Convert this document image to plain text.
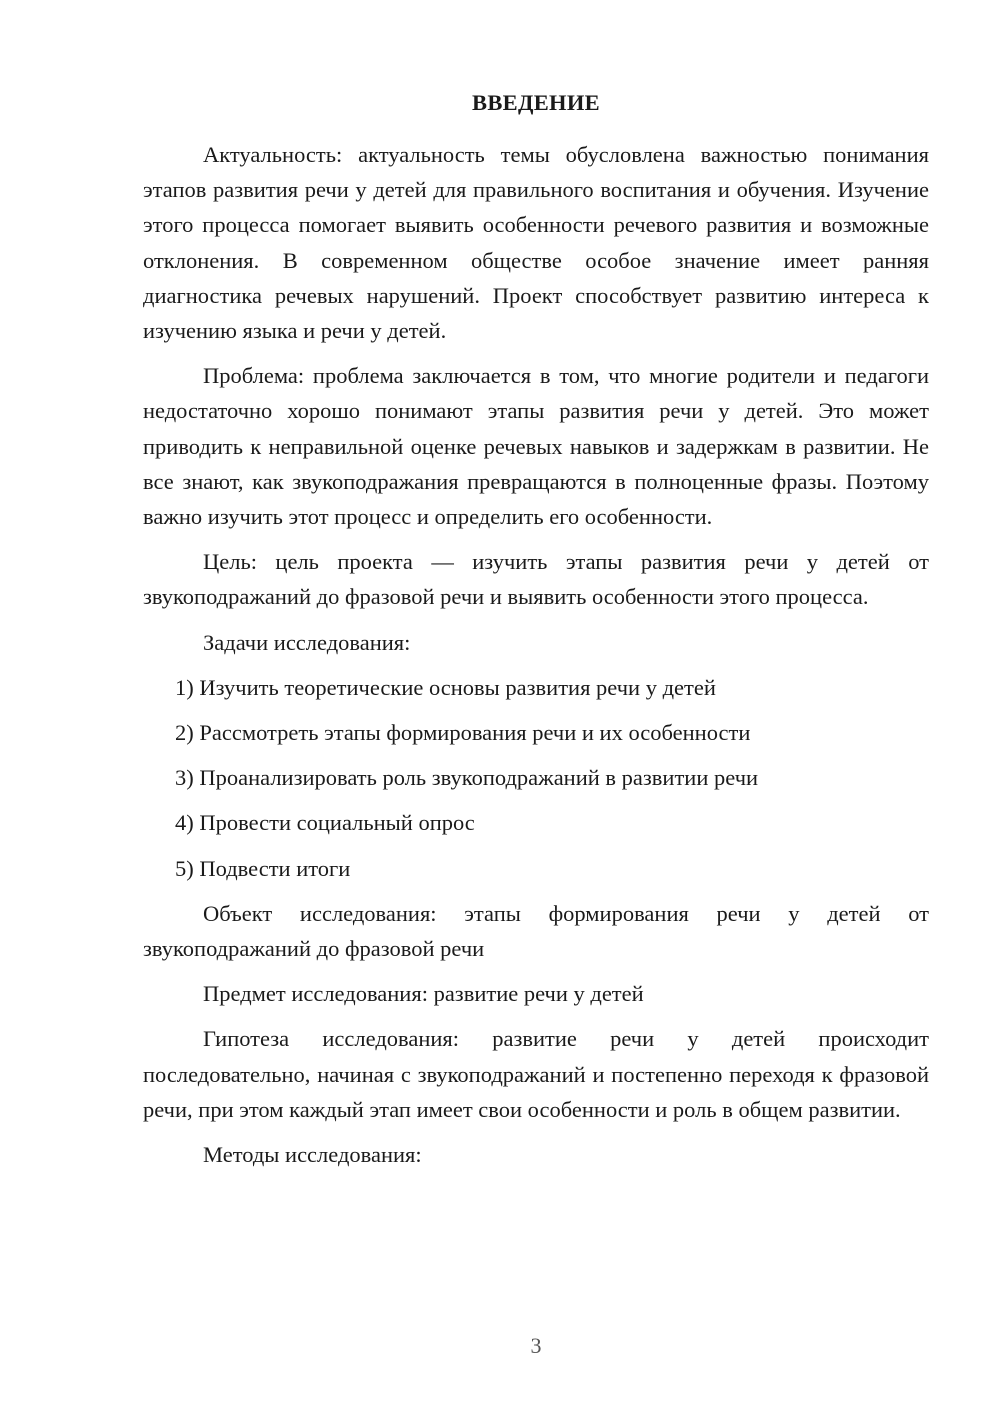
ВВЕДЕНИЕ

Актуальность: актуальность темы обусловлена важностью понимания этапов развития речи у детей для правильного воспитания и обучения. Изучение этого процесса помогает выявить особенности речевого развития и возможные отклонения. В современном обществе особое значение имеет ранняя диагностика речевых нарушений. Проект способствует развитию интереса к изучению языка и речи у детей.

Проблема: проблема заключается в том, что многие родители и педагоги недостаточно хорошо понимают этапы развития речи у детей. Это может приводить к неправильной оценке речевых навыков и задержкам в развитии. Не все знают, как звукоподражания превращаются в полноценные фразы. Поэтому важно изучить этот процесс и определить его особенности.

Цель: цель проекта — изучить этапы развития речи у детей от звукоподражаний до фразовой речи и выявить особенности этого процесса.

Задачи исследования:

1) Изучить теоретические основы развития речи у детей
2) Рассмотреть этапы формирования речи и их особенности
3) Проанализировать роль звукоподражаний в развитии речи
4) Провести социальный опрос
5) Подвести итоги

Объект исследования: этапы формирования речи у детей от звукоподражаний до фразовой речи

Предмет исследования: развитие речи у детей

Гипотеза исследования: развитие речи у детей происходит последовательно, начиная с звукоподражаний и постепенно переходя к фразовой речи, при этом каждый этап имеет свои особенности и роль в общем развитии.

Методы исследования:

3
